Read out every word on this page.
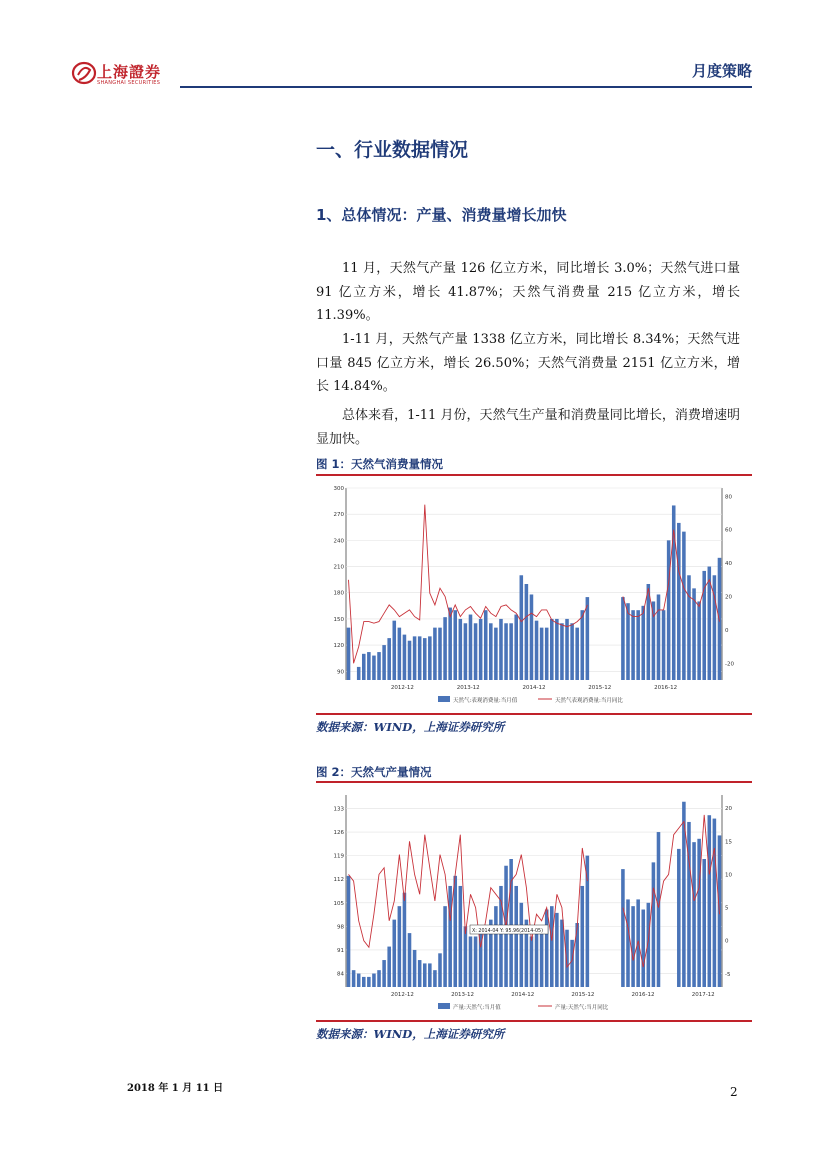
上海證券
SHANGHAI SECURITIES
月度策略
一、行业数据情况
1、总体情况：产量、消费量增长加快

11 月，天然气产量 126 亿立方米，同比增长 3.0%；天然气进口量 91 亿立方米，增长 41.87%；天然气消费量 215 亿立方米，增长 11.39%。

1-11 月，天然气产量 1338 亿立方米，同比增长 8.34%；天然气进口量 845 亿立方米，增长 26.50%；天然气消费量 2151 亿立方米，增长 14.84%。

总体来看，1-11 月份，天然气生产量和消费量同比增长，消费增速明显加快。

图 1：天然气消费量情况
300
270
240
210
180
150
120
90
80
60
40
20
0
-20
2012-12	2013-12	2014-12	2015-12	2016-12
天然气:表观消费量:当月值	天然气表观消费量:当月同比
数据来源：WIND，上海证券研究所
图 2：天然气产量情况
133
126
119
112
105
98
91
84
20
15
10
5
0
-5
2012-12	2013-12	2014-12	2015-12	2016-12	2017-12
X: 2014-04 Y: 95.96(2014-05)
产量:天然气:当月值	产量:天然气:当月同比
数据来源：WIND，上海证券研究所
2018 年 1 月 11 日	2
